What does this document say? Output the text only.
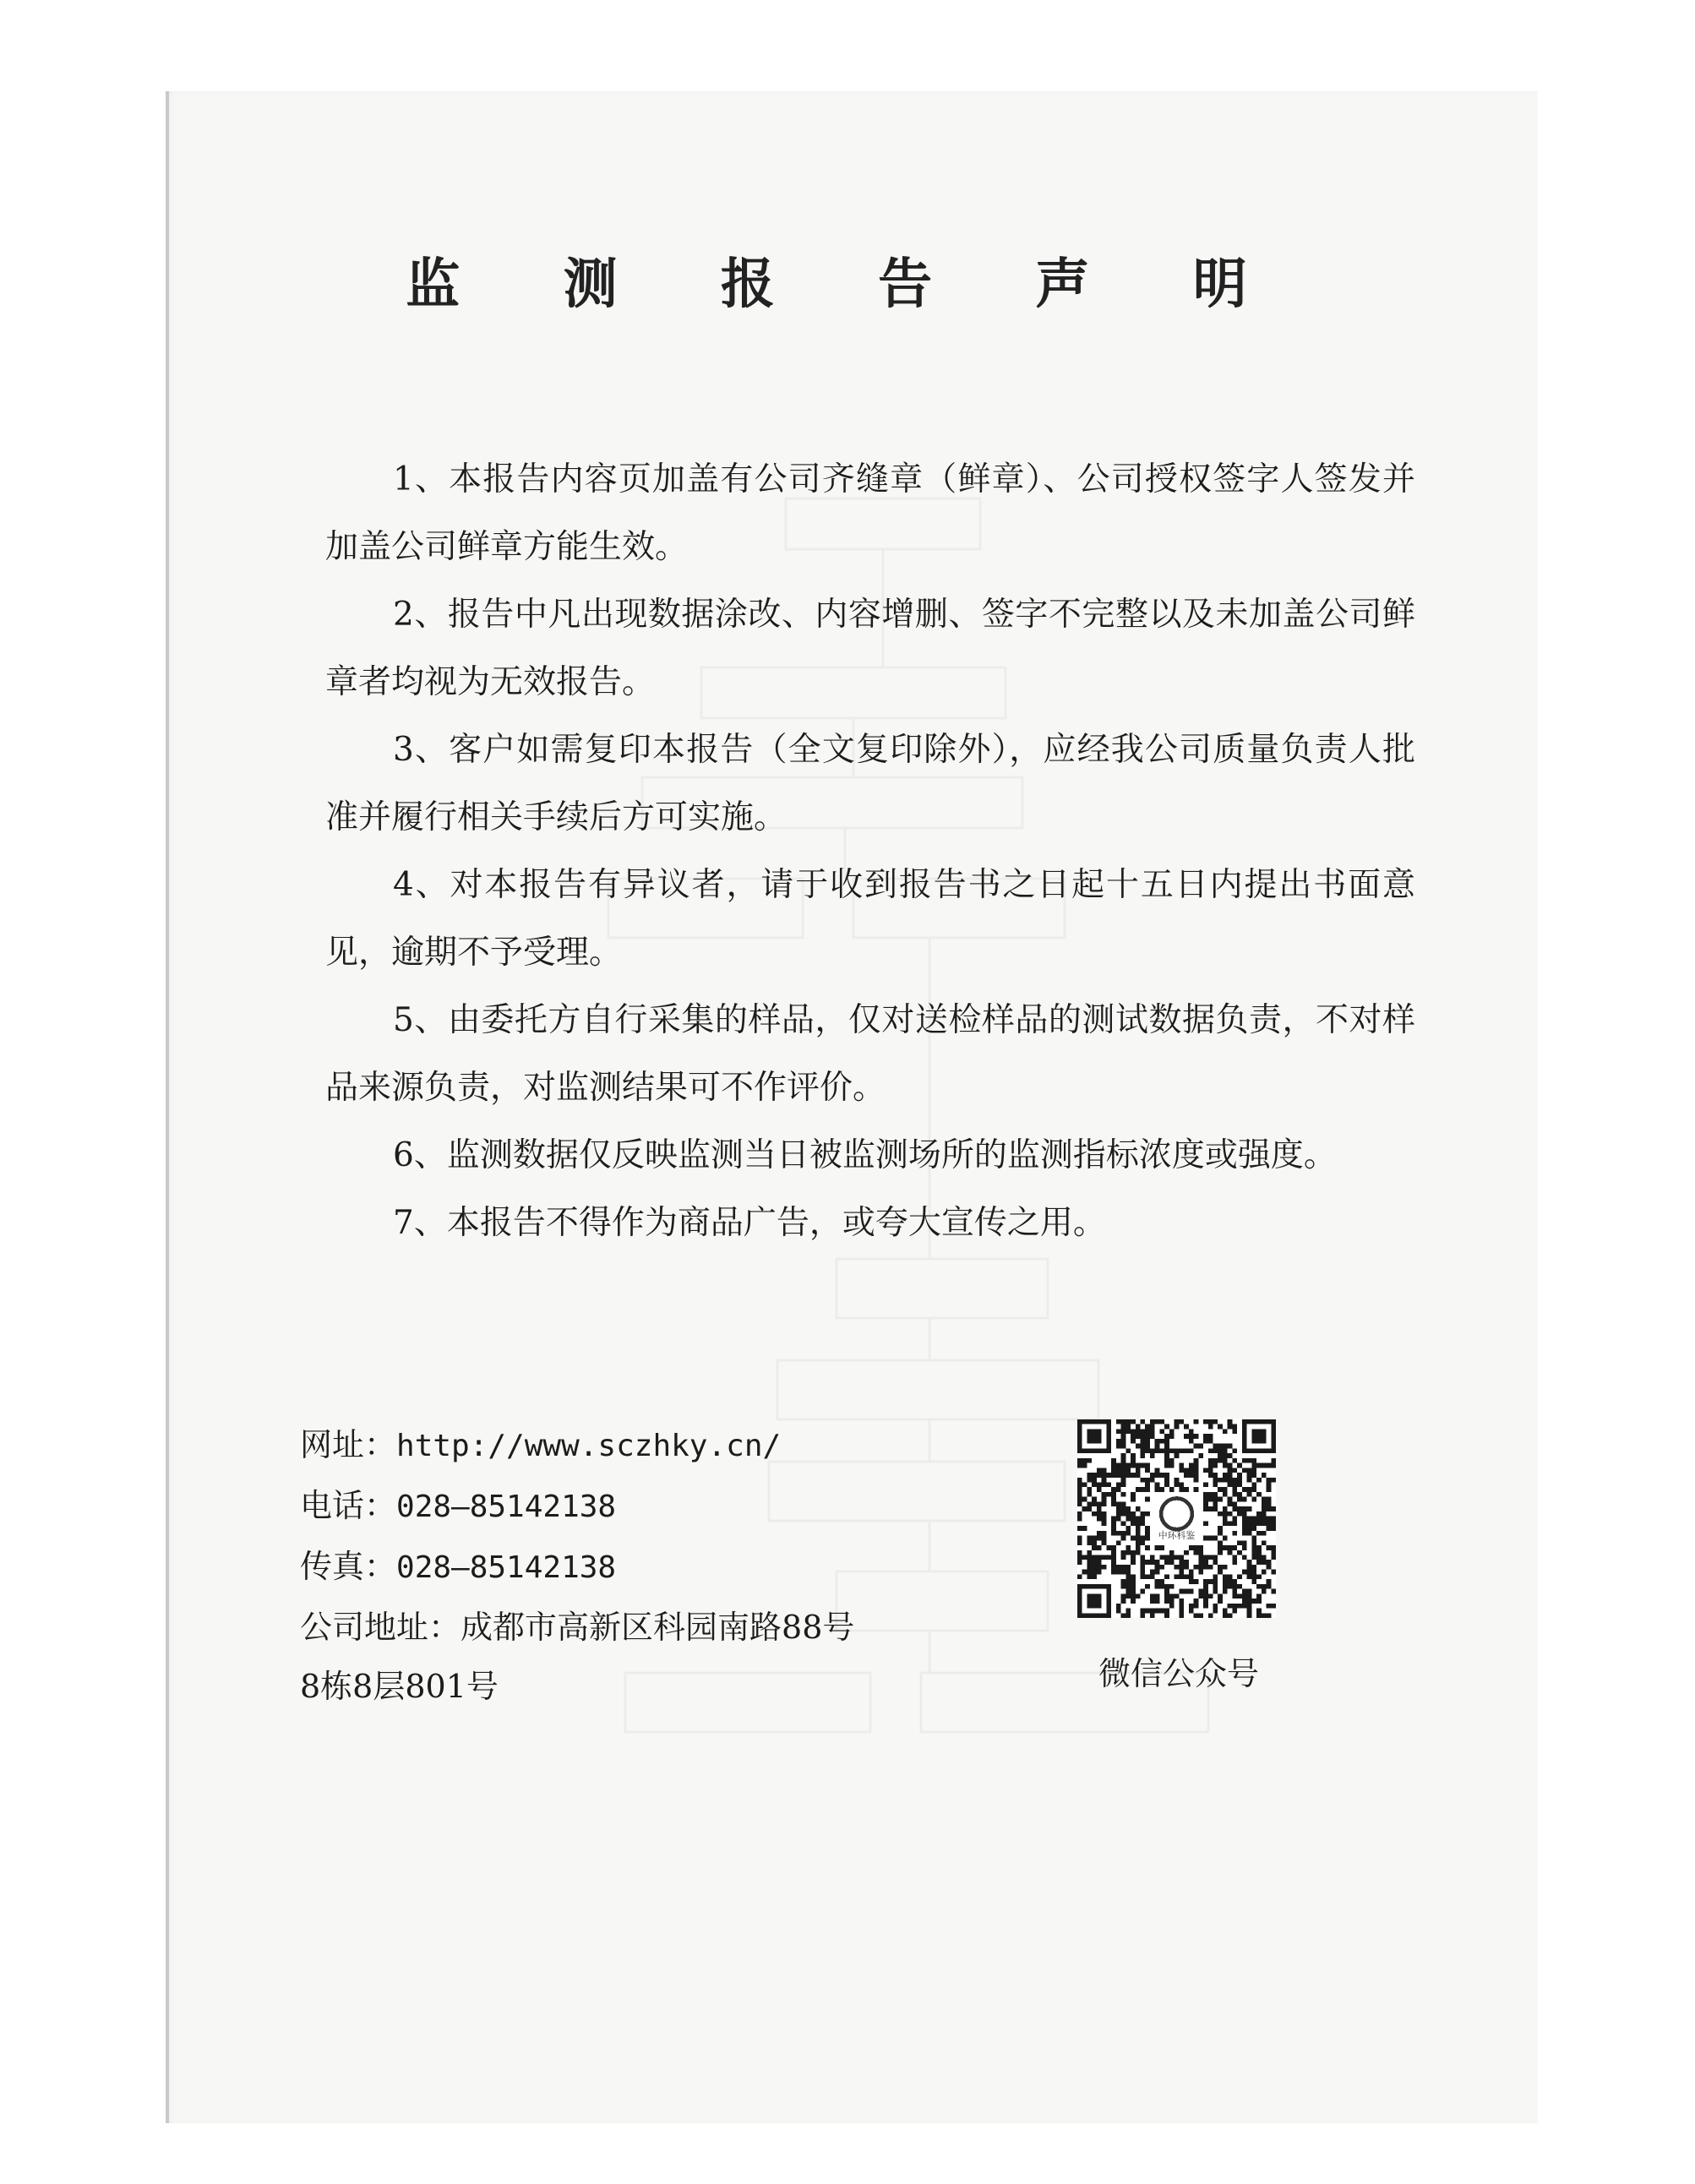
监 测 报 告 声 明
1、本报告内容页加盖有公司齐缝章（鲜章）、公司授权签字人签发并加盖公司鲜章方能生效。
2、报告中凡出现数据涂改、内容增删、签字不完整以及未加盖公司鲜章者均视为无效报告。
3、客户如需复印本报告（全文复印除外），应经我公司质量负责人批准并履行相关手续后方可实施。
4、对本报告有异议者，请于收到报告书之日起十五日内提出书面意见，逾期不予受理。
5、由委托方自行采集的样品，仅对送检样品的测试数据负责，不对样品来源负责，对监测结果可不作评价。
6、监测数据仅反映监测当日被监测场所的监测指标浓度或强度。
7、本报告不得作为商品广告，或夸大宣传之用。
网址：http://www.sczhky.cn/
电话：028—85142138
传真：028—85142138
公司地址：成都市高新区科园南路88号
8栋8层801号
中环科鉴
微信公众号
